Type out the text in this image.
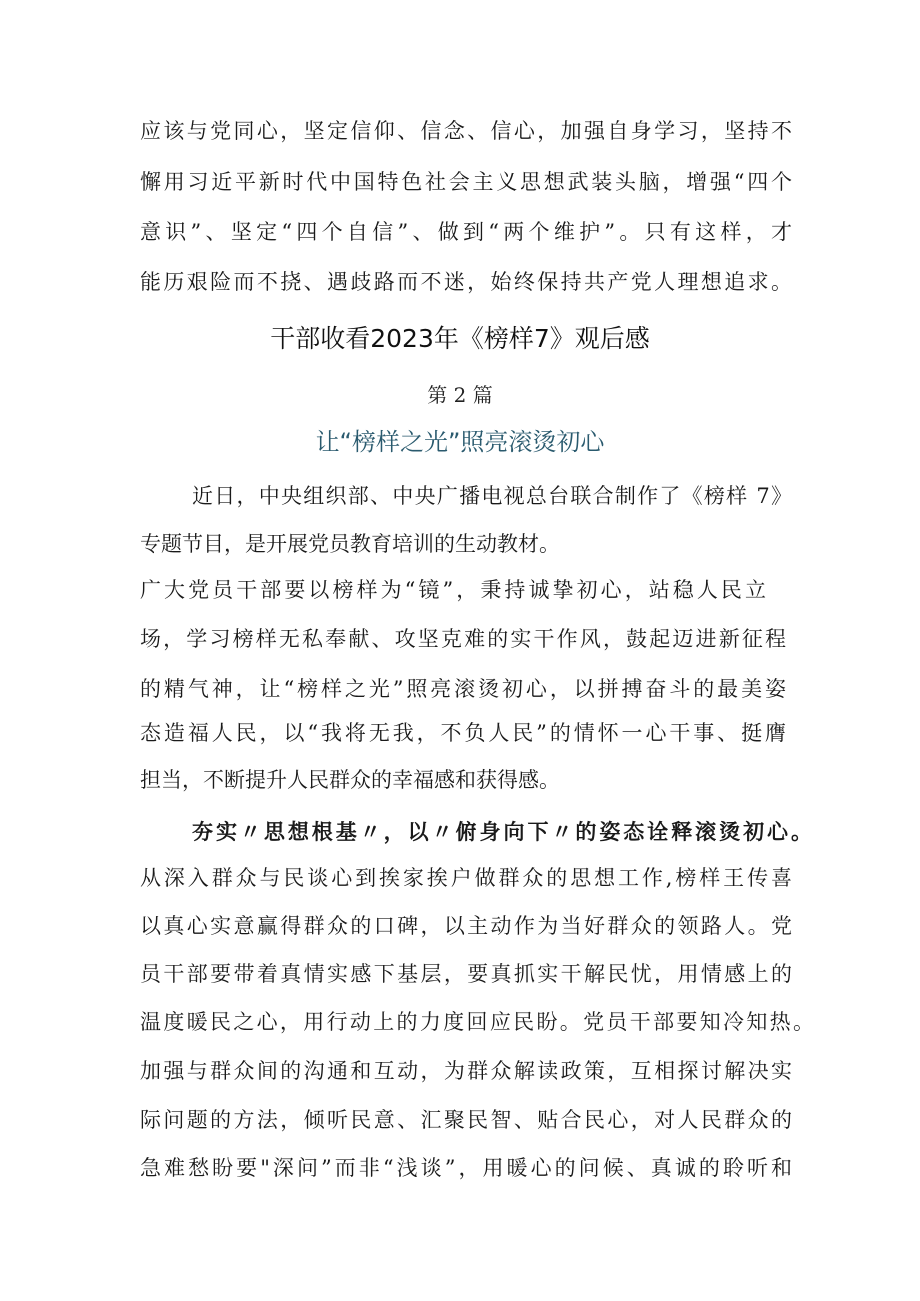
应该与党同心，坚定信仰、信念、信心，加强自身学习，坚持不
懈用习近平新时代中国特色社会主义思想武装头脑，增强“四个
意识”、坚定“四个自信”、做到“两个维护”。只有这样，才
能历艰险而不挠、遇歧路而不迷，始终保持共产党人理想追求。
干部收看2023年《榜样7》观后感
第 2 篇
让“榜样之光”照亮滚烫初心
近日，中央组织部、中央广播电视总台联合制作了《榜样 7》
专题节目，是开展党员教育培训的生动教材。
广大党员干部要以榜样为“镜”，秉持诚挚初心，站稳人民立
场，学习榜样无私奉献、攻坚克难的实干作风，鼓起迈进新征程
的精气神，让“榜样之光”照亮滚烫初心，以拼搏奋斗的最美姿
态造福人民，以“我将无我，不负人民”的情怀一心干事、挺膺
担当，不断提升人民群众的幸福感和获得感。
夯实〃思想根基〃，以〃俯身向下〃的姿态诠释滚烫初心。
从深入群众与民谈心到挨家挨户做群众的思想工作,榜样王传喜
以真心实意赢得群众的口碑，以主动作为当好群众的领路人。党
员干部要带着真情实感下基层，要真抓实干解民忧，用情感上的
温度暖民之心，用行动上的力度回应民盼。党员干部要知冷知热。
加强与群众间的沟通和互动，为群众解读政策，互相探讨解决实
际问题的方法，倾听民意、汇聚民智、贴合民心，对人民群众的
急难愁盼要"深问”而非“浅谈”，用暖心的问候、真诚的聆听和
